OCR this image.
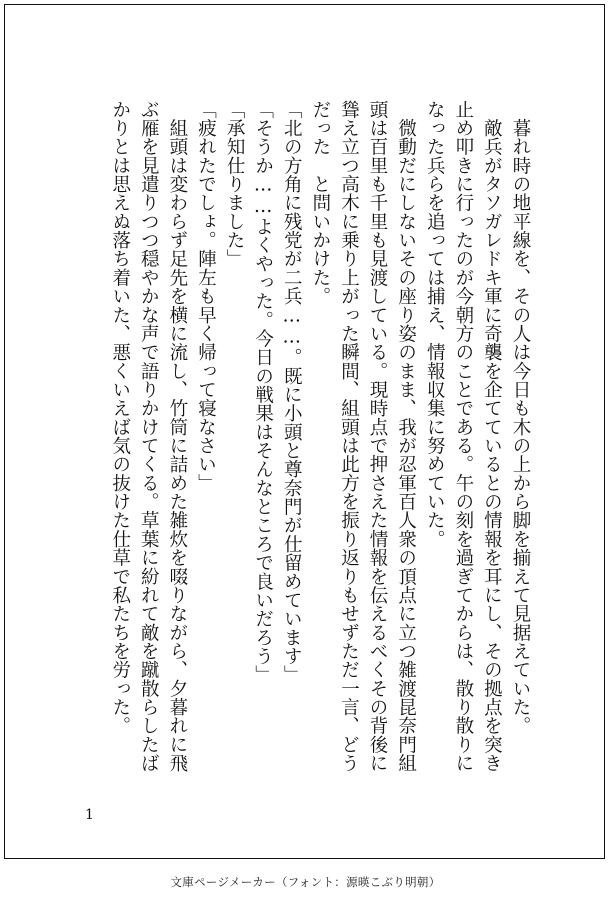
　暮れ時の地平線を、その人は今日も木の上から脚を揃えて見据えていた。

　敵兵がタソガレドキ軍に奇襲を企てているとの情報を耳にし、その拠点を突き

止め叩きに行ったのが今朝方のことである。午の刻を過ぎてからは、散り散りに

なった兵らを追っては捕え、情報収集に努めていた。

　微動だにしないその座り姿のまま、我が忍軍百人衆の頂点に立つ雑渡昆奈門組

頭は百里も千里も見渡している。現時点で押さえた情報を伝えるべくその背後に

聳え立つ高木に乗り上がった瞬間、組頭は此方を振り返りもせずただ一言、どう

だった　と問いかけた。

「北の方角に残党が二兵……。既に小頭と尊奈門が仕留めています」

「そうか……よくやった。今日の戦果はそんなところで良いだろう」

「承知仕りました」

「疲れたでしょ。陣左も早く帰って寝なさい」

　組頭は変わらず足先を横に流し、竹筒に詰めた雑炊を啜りながら、夕暮れに飛

ぶ雁を見遣りつつ穏やかな声で語りかけてくる。草葉に紛れて敵を蹴散らしたば

かりとは思えぬ落ち着いた、悪くいえば気の抜けた仕草で私たちを労った。

1
文庫ページメーカー（フォント：源暎こぶり明朝）
